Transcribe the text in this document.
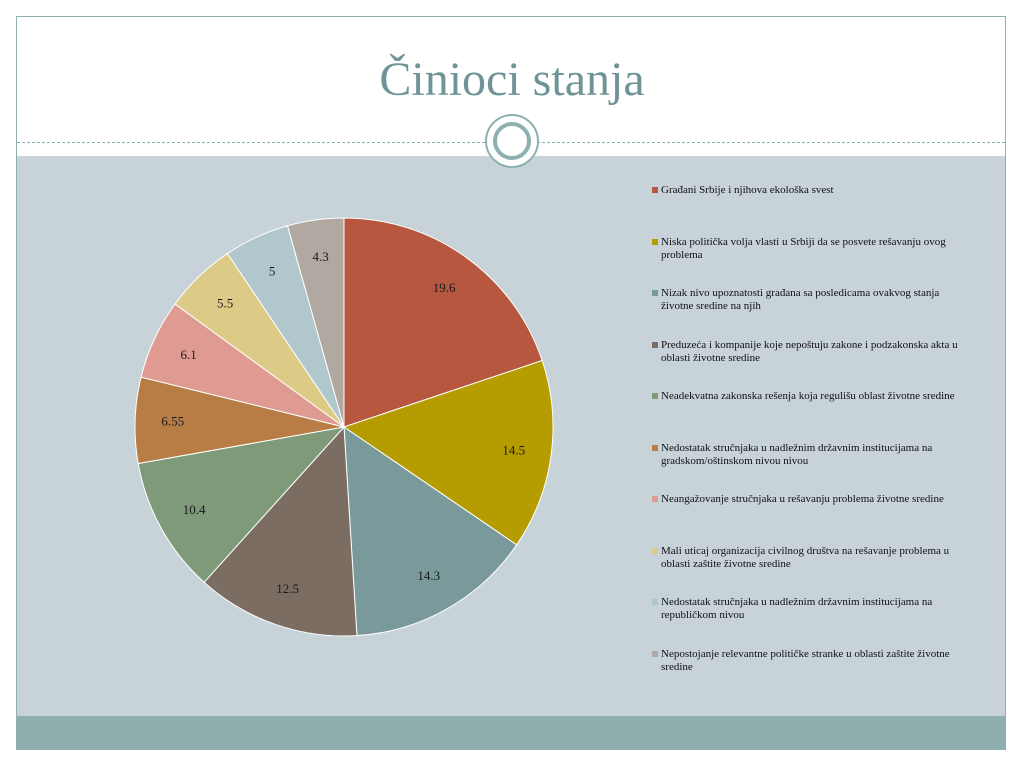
Činioci stanja
19.6
14.5
14.3
12.5
10.4
6.55
6.1
5.5
5
4.3
Građani Srbije i njihova ekološka svest
Niska politička volja vlasti u Srbiji da se posvete rešavanju ovog problema
Nizak nivo upoznatosti građana sa posledicama ovakvog stanja životne sredine na njih
Preduzeća i kompanije koje nepoštuju zakone i podzakonska akta u oblasti životne sredine
Neadekvatna zakonska rešenja koja regulišu oblast životne sredine
Nedostatak stručnjaka u nadležnim državnim institucijama na gradskom/oštinskom nivou nivou
Neangažovanje stručnjaka u rešavanju problema životne sredine
Mali uticaj organizacija civilnog društva na rešavanje problema u oblasti zaštite životne sredine
Nedostatak stručnjaka u nadležnim državnim institucijama na republičkom nivou
Nepostojanje relevantne političke stranke u oblasti zaštite životne sredine
